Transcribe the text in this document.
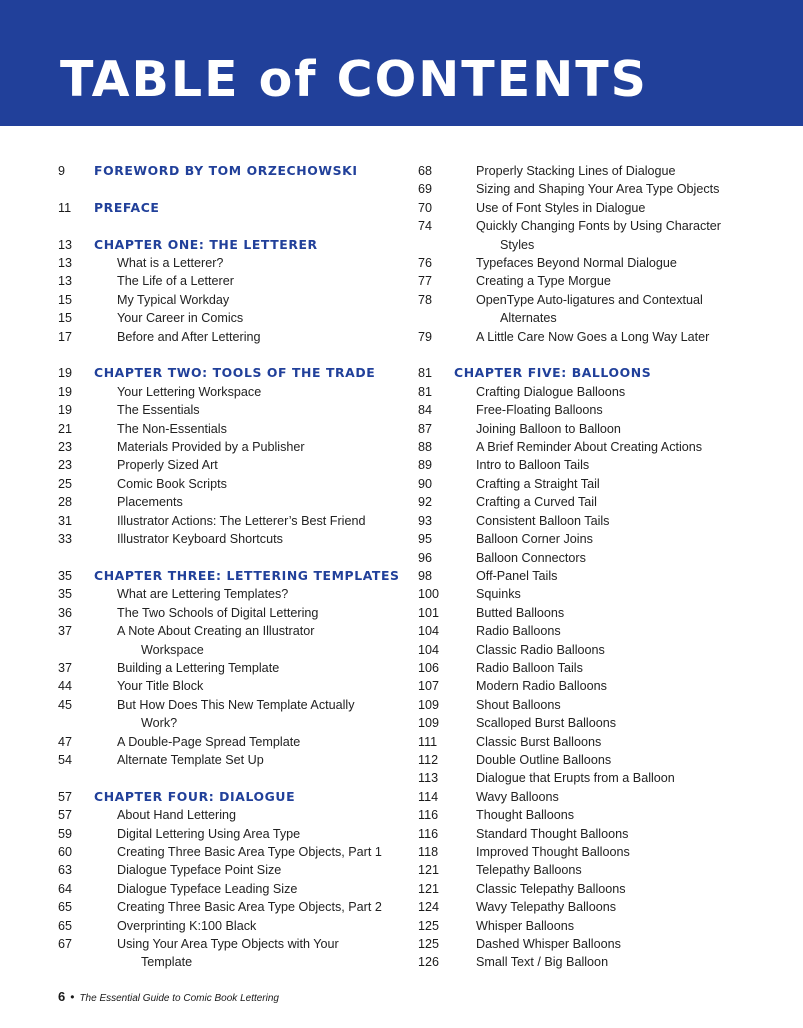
TABLE of CONTENTS
9	FOREWORD BY TOM ORZECHOWSKI
11	PREFACE
13	CHAPTER ONE: THE LETTERER
13	What is a Letterer?
13	The Life of a Letterer
15	My Typical Workday
15	Your Career in Comics
17	Before and After Lettering
19	CHAPTER TWO: TOOLS OF THE TRADE
19	Your Lettering Workspace
19	The Essentials
21	The Non-Essentials
23	Materials Provided by a Publisher
23	Properly Sized Art
25	Comic Book Scripts
28	Placements
31	Illustrator Actions: The Letterer’s Best Friend
33	Illustrator Keyboard Shortcuts
35	CHAPTER THREE: LETTERING TEMPLATES
35	What are Lettering Templates?
36	The Two Schools of Digital Lettering
37	A Note About Creating an Illustrator
Workspace
37	Building a Lettering Template
44	Your Title Block
45	But How Does This New Template Actually
Work?
47	A Double-Page Spread Template
54	Alternate Template Set Up
57	CHAPTER FOUR: DIALOGUE
57	About Hand Lettering
59	Digital Lettering Using Area Type
60	Creating Three Basic Area Type Objects, Part 1
63	Dialogue Typeface Point Size
64	Dialogue Typeface Leading Size
65	Creating Three Basic Area Type Objects, Part 2
65	Overprinting K:100 Black
67	Using Your Area Type Objects with Your
Template
68	Properly Stacking Lines of Dialogue
69	Sizing and Shaping Your Area Type Objects
70	Use of Font Styles in Dialogue
74	Quickly Changing Fonts by Using Character
Styles
76	Typefaces Beyond Normal Dialogue
77	Creating a Type Morgue
78	OpenType Auto-ligatures and Contextual
Alternates
79	A Little Care Now Goes a Long Way Later
81	CHAPTER FIVE: BALLOONS
81	Crafting Dialogue Balloons
84	Free-Floating Balloons
87	Joining Balloon to Balloon
88	A Brief Reminder About Creating Actions
89	Intro to Balloon Tails
90	Crafting a Straight Tail
92	Crafting a Curved Tail
93	Consistent Balloon Tails
95	Balloon Corner Joins
96	Balloon Connectors
98	Off-Panel Tails
100	Squinks
101	Butted Balloons
104	Radio Balloons
104	Classic Radio Balloons
106	Radio Balloon Tails
107	Modern Radio Balloons
109	Shout Balloons
109	Scalloped Burst Balloons
111	Classic Burst Balloons
112	Double Outline Balloons
113	Dialogue that Erupts from a Balloon
114	Wavy Balloons
116	Thought Balloons
116	Standard Thought Balloons
118	Improved Thought Balloons
121	Telepathy Balloons
121	Classic Telepathy Balloons
124	Wavy Telepathy Balloons
125	Whisper Balloons
125	Dashed Whisper Balloons
126	Small Text / Big Balloon
6 • The Essential Guide to Comic Book Lettering
